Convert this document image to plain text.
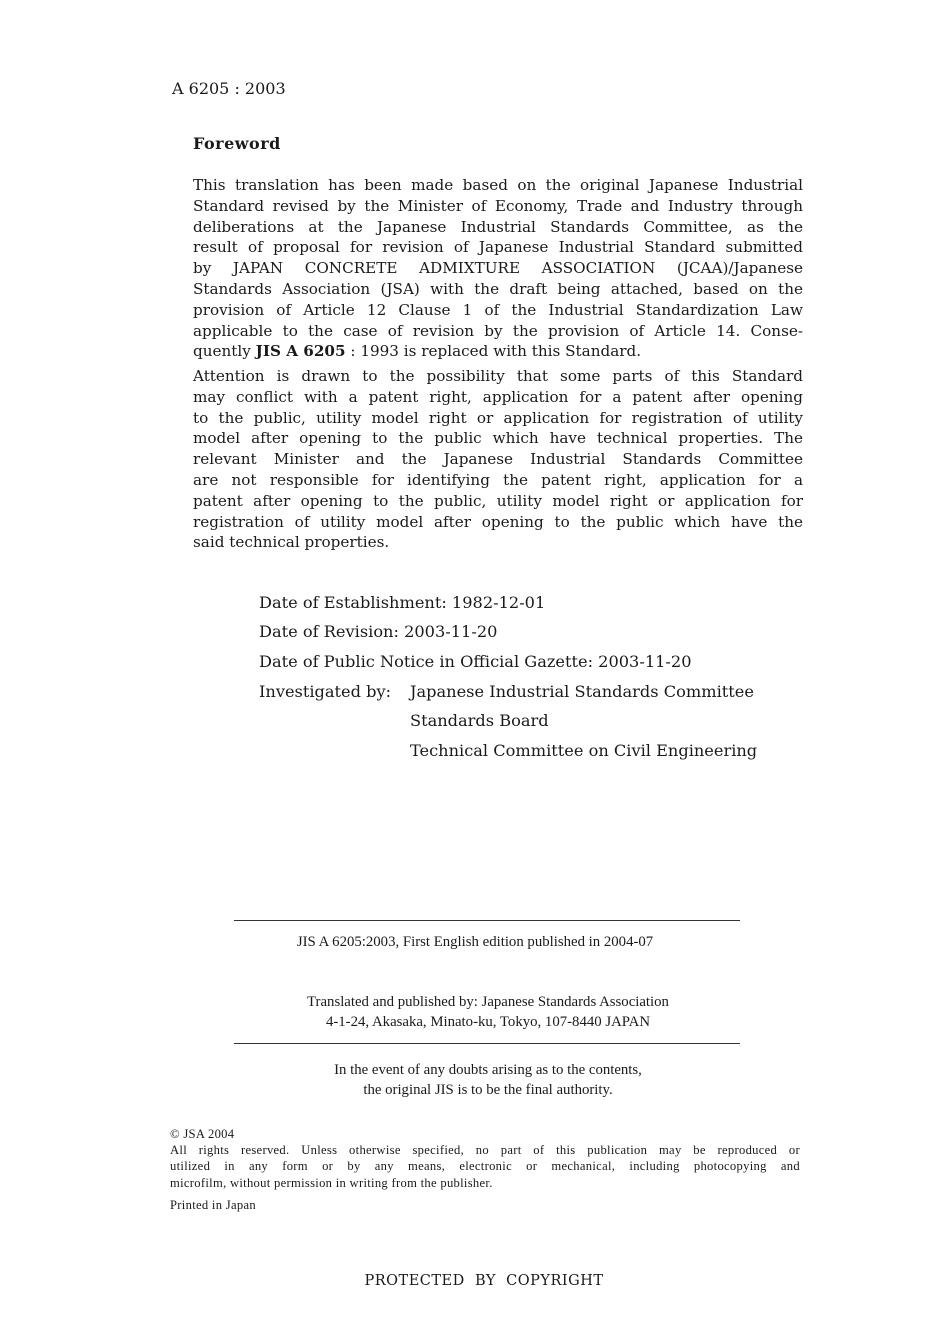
A 6205 : 2003
Foreword
This translation has been made based on the original Japanese Industrial
Standard revised by the Minister of Economy, Trade and Industry through
deliberations at the Japanese Industrial Standards Committee, as the
result of proposal for revision of Japanese Industrial Standard submitted
by JAPAN CONCRETE ADMIXTURE ASSOCIATION (JCAA)/Japanese
Standards Association (JSA) with the draft being attached, based on the
provision of Article 12 Clause 1 of the Industrial Standardization Law
applicable to the case of revision by the provision of Article 14. Conse-
quently JIS A 6205 : 1993 is replaced with this Standard.
Attention is drawn to the possibility that some parts of this Standard
may conflict with a patent right, application for a patent after opening
to the public, utility model right or application for registration of utility
model after opening to the public which have technical properties. The
relevant Minister and the Japanese Industrial Standards Committee
are not responsible for identifying the patent right, application for a
patent after opening to the public, utility model right or application for
registration of utility model after opening to the public which have the
said technical properties.
Date of Establishment: 1982-12-01
Date of Revision: 2003-11-20
Date of Public Notice in Official Gazette: 2003-11-20
Investigated by: Japanese Industrial Standards Committee
Standards Board
Technical Committee on Civil Engineering
JIS A 6205:2003, First English edition published in 2004-07
Translated and published by: Japanese Standards Association
4-1-24, Akasaka, Minato-ku, Tokyo, 107-8440 JAPAN
In the event of any doubts arising as to the contents,
the original JIS is to be the final authority.
© JSA 2004
All rights reserved. Unless otherwise specified, no part of this publication may be reproduced or
utilized in any form or by any means, electronic or mechanical, including photocopying and
microfilm, without permission in writing from the publisher.
Printed in Japan
PROTECTED  BY  COPYRIGHT
